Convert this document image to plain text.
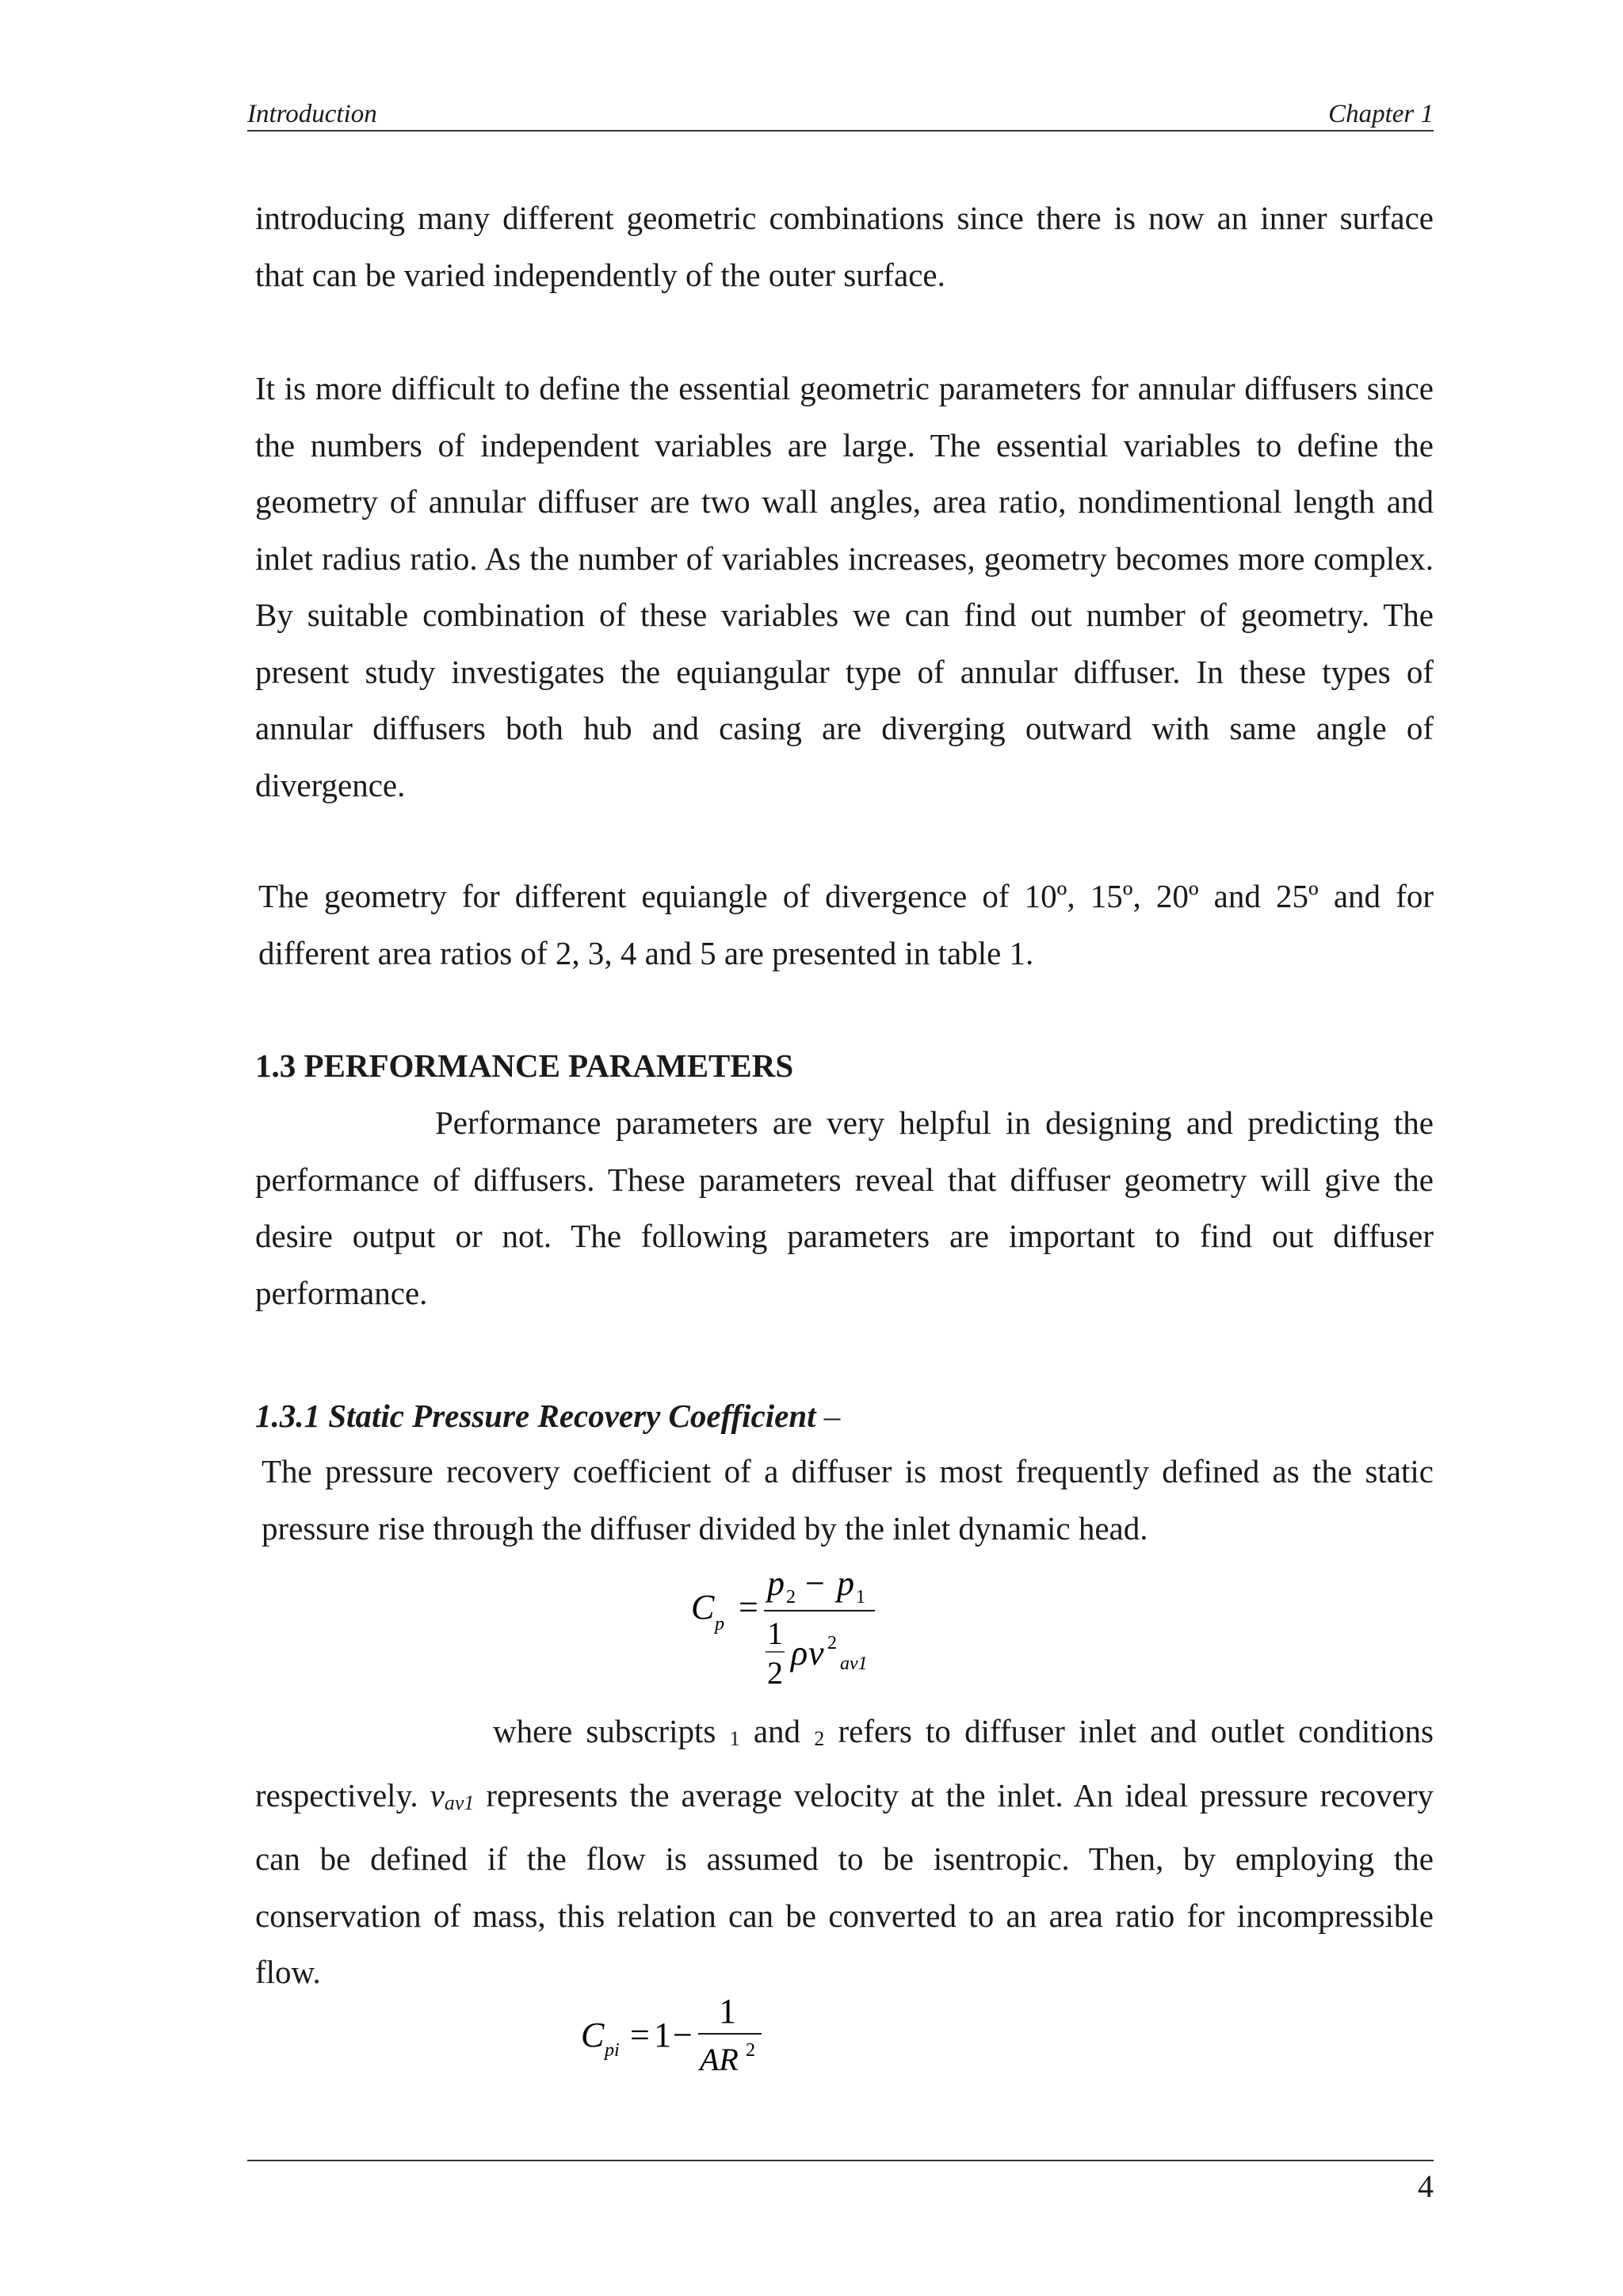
Introduction	Chapter 1

introducing many different geometric combinations since there is now an inner surface that can be varied independently of the outer surface.

It is more difficult to define the essential geometric parameters for annular diffusers since the numbers of independent variables are large. The essential variables to define the geometry of annular diffuser are two wall angles, area ratio, nondimentional length and inlet radius ratio. As the number of variables increases, geometry becomes more complex. By suitable combination of these variables we can find out number of geometry. The present study investigates the equiangular type of annular diffuser. In these types of annular diffusers both hub and casing are diverging outward with same angle of divergence.

The geometry for different equiangle of divergence of 10º, 15º, 20º and 25º and for different area ratios of 2, 3, 4 and 5 are presented in table 1.

1.3 PERFORMANCE PARAMETERS

Performance parameters are very helpful in designing and predicting the performance of diffusers. These parameters reveal that diffuser geometry will give the desire output or not. The following parameters are important to find out diffuser performance.

1.3.1 Static Pressure Recovery Coefficient –

The pressure recovery coefficient of a diffuser is most frequently defined as the static pressure rise through the diffuser divided by the inlet dynamic head.

C p =
p 2 − p 1
1
2
ρ v 2
av1

where subscripts 1 and 2 refers to diffuser inlet and outlet conditions respectively. vav1 represents the average velocity at the inlet. An ideal pressure recovery can be defined if the flow is assumed to be isentropic. Then, by employing the conservation of mass, this relation can be converted to an area ratio for incompressible flow.

C pi = 1 −
1
AR 2
4
